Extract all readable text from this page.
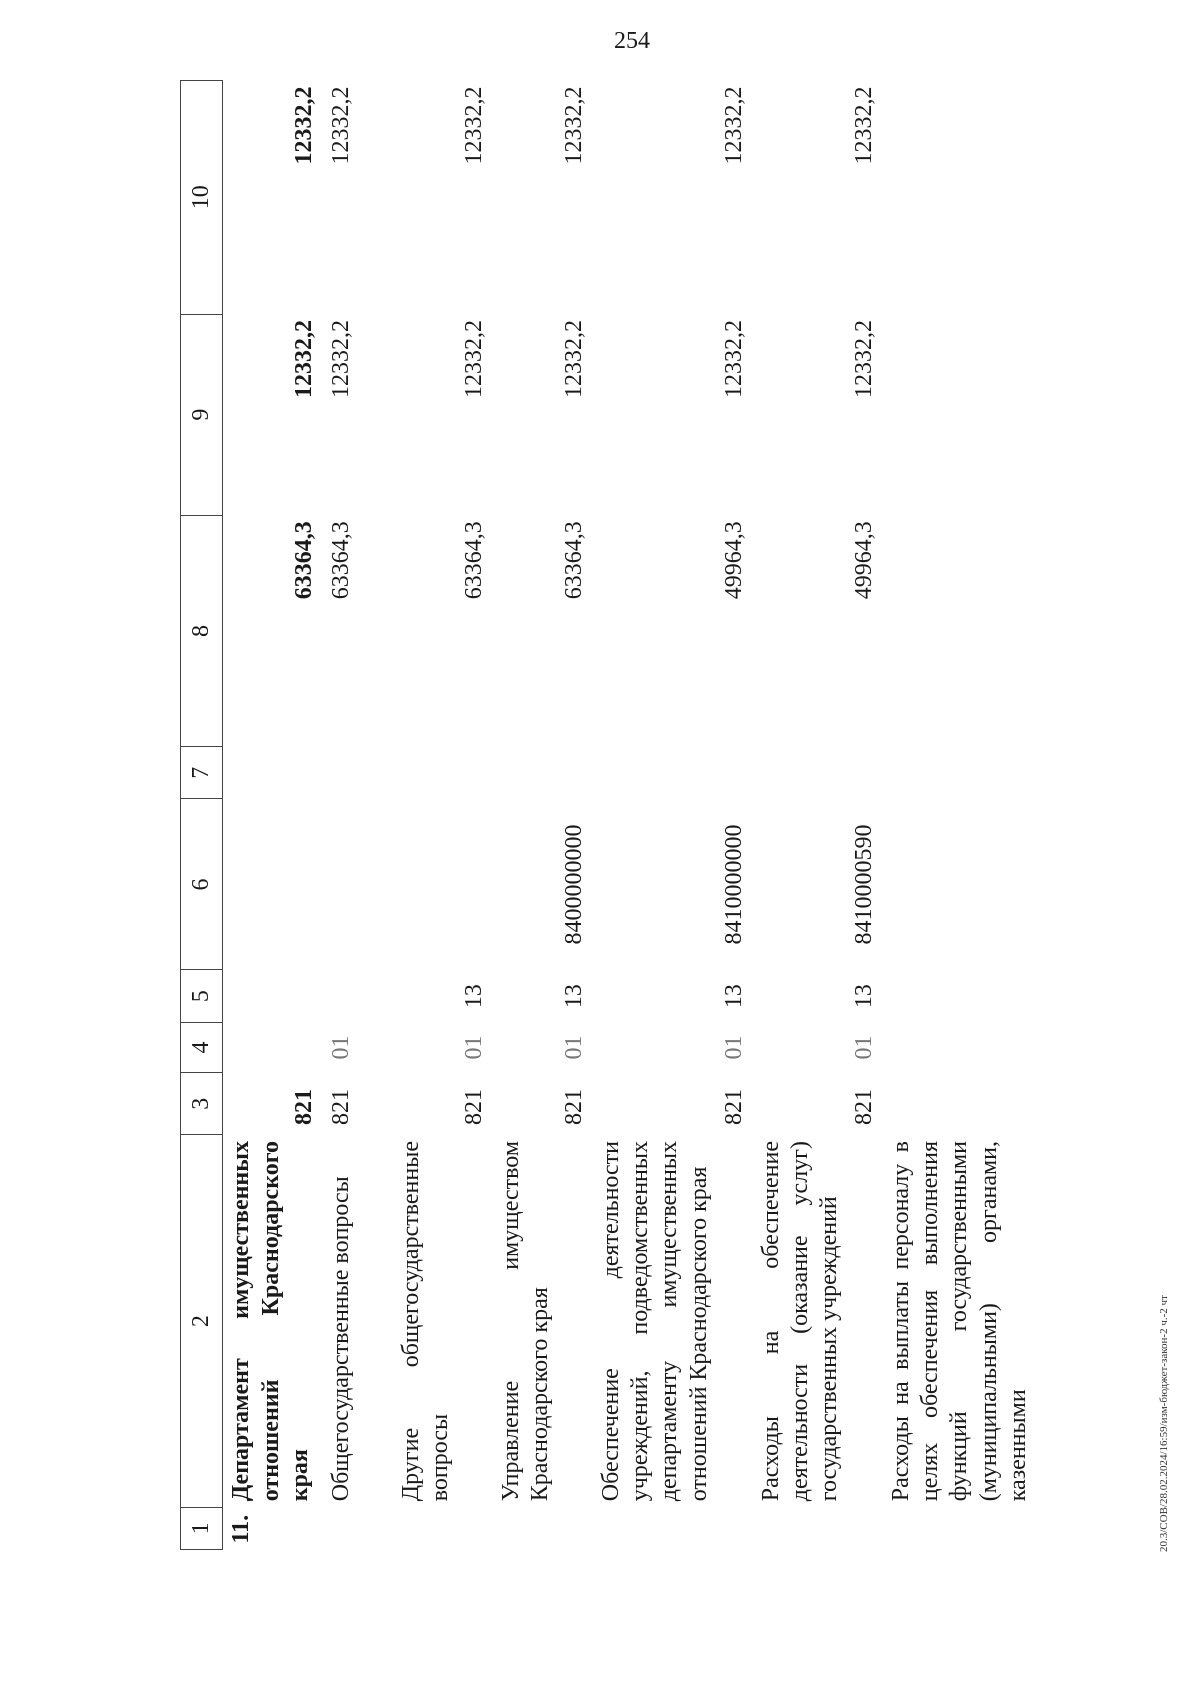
254
20.3/СОВ/28.02.2024/16:59/изм-бюджет-закон-2 ч.-2 чт
1	2	3	4	5	6	7	8	9	10
11.	Департамент имущественных отношений Краснодарского края	821					63364,3	12332,2	12332,2
	Общегосударственные вопросы	821	01				63364,3	12332,2	12332,2
	Другие общегосударственные вопросы	821	01	13			63364,3	12332,2	12332,2
	Управление имуществом Краснодарского края	821	01	13	8400000000		63364,3	12332,2	12332,2
	Обеспечение деятельности учреждений, подведомственных департаменту имущественных отношений Краснодарского края	821	01	13	8410000000		49964,3	12332,2	12332,2
	Расходы на обеспечение деятельности (оказание услуг) государственных учреждений	821	01	13	8410000590		49964,3	12332,2	12332,2
	Расходы на выплаты персоналу в целях обеспечения выполнения функций государственными (муниципальными) органами, казенными								
